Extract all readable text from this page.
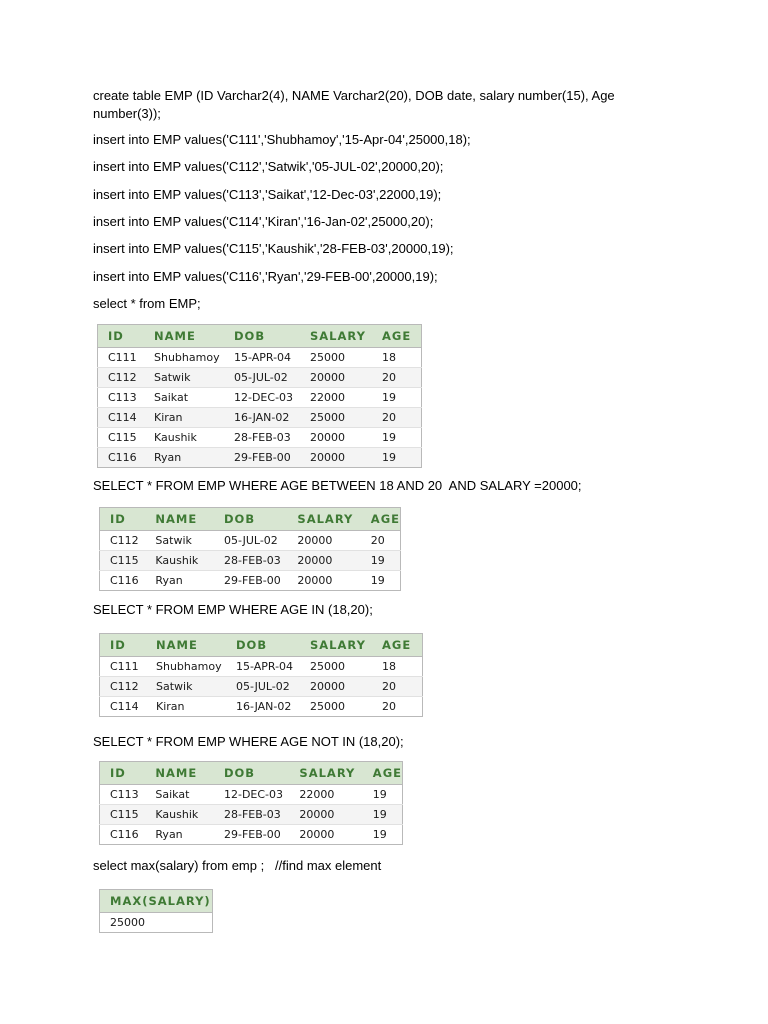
create table EMP (ID Varchar2(4), NAME Varchar2(20), DOB date, salary number(15), Age number(3));
insert into EMP values('C111','Shubhamoy','15-Apr-04',25000,18);
insert into EMP values('C112','Satwik','05-JUL-02',20000,20);
insert into EMP values('C113','Saikat','12-Dec-03',22000,19);
insert into EMP values('C114','Kiran','16-Jan-02',25000,20);
insert into EMP values('C115','Kaushik','28-FEB-03',20000,19);
insert into EMP values('C116','Ryan','29-FEB-00',20000,19);
select * from EMP;
ID	NAME	DOB	SALARY	AGE
C111	Shubhamoy	15-APR-04	25000	18
C112	Satwik	05-JUL-02	20000	20
C113	Saikat	12-DEC-03	22000	19
C114	Kiran	16-JAN-02	25000	20
C115	Kaushik	28-FEB-03	20000	19
C116	Ryan	29-FEB-00	20000	19
SELECT * FROM EMP WHERE AGE BETWEEN 18 AND 20  AND SALARY =20000;
ID	NAME	DOB	SALARY	AGE
C112	Satwik	05-JUL-02	20000	20
C115	Kaushik	28-FEB-03	20000	19
C116	Ryan	29-FEB-00	20000	19
SELECT * FROM EMP WHERE AGE IN (18,20);
ID	NAME	DOB	SALARY	AGE
C111	Shubhamoy	15-APR-04	25000	18
C112	Satwik	05-JUL-02	20000	20
C114	Kiran	16-JAN-02	25000	20
SELECT * FROM EMP WHERE AGE NOT IN (18,20);
ID	NAME	DOB	SALARY	AGE
C113	Saikat	12-DEC-03	22000	19
C115	Kaushik	28-FEB-03	20000	19
C116	Ryan	29-FEB-00	20000	19
select max(salary) from emp ;   //find max element
MAX(SALARY)
25000
